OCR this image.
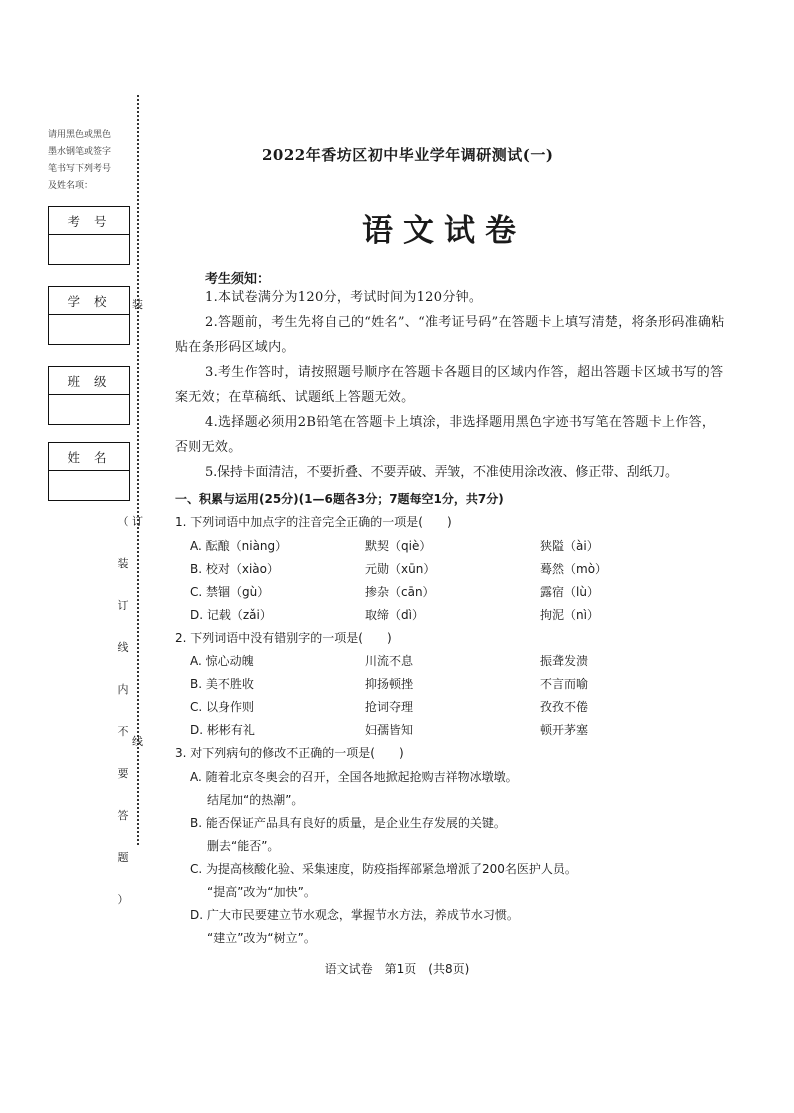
请用黑色或黑色
墨水钢笔或签字
笔书写下列考号
及姓名项：
考号
学校
班级
姓名
装
订
线
（
装
订
线
内
不
要
答
题
）
2022年香坊区初中毕业学年调研测试(一)
语文试卷
考生须知：
1.本试卷满分为120分，考试时间为120分钟。
2.答题前，考生先将自己的“姓名”、“准考证号码”在答题卡上填写清楚，将条形码准确粘贴在条形码区域内。
3.考生作答时，请按照题号顺序在答题卡各题目的区域内作答，超出答题卡区域书写的答案无效；在草稿纸、试题纸上答题无效。
4.选择题必须用2B铅笔在答题卡上填涂，非选择题用黑色字迹书写笔在答题卡上作答，否则无效。
5.保持卡面清洁，不要折叠、不要弄破、弄皱，不准使用涂改液、修正带、刮纸刀。
一、积累与运用(25分)(1—6题各3分；7题每空1分，共7分)
1. 下列词语中加点字的注音完全正确的一项是(　　)
A. 酝酿（niàng）	默契（qiè）	狭隘（ài）
B. 校对（xiào）	元勋（xūn）	蓦然（mò）
C. 禁锢（gù）	掺杂（cān）	露宿（lù）
D. 记载（zǎi）	取缔（dì）	拘泥（nì）
2. 下列词语中没有错别字的一项是(　　)
A. 惊心动魄	川流不息	振聋发溃
B. 美不胜收	抑扬顿挫	不言而喻
C. 以身作则	抢词夺理	孜孜不倦
D. 彬彬有礼	妇孺皆知	顿开茅塞
3. 对下列病句的修改不正确的一项是(　　)
A. 随着北京冬奥会的召开，全国各地掀起抢购吉祥物冰墩墩。
结尾加“的热潮”。
B. 能否保证产品具有良好的质量，是企业生存发展的关键。
删去“能否”。
C. 为提高核酸化验、采集速度，防疫指挥部紧急增派了200名医护人员。
“提高”改为“加快”。
D. 广大市民要建立节水观念，掌握节水方法，养成节水习惯。
“建立”改为“树立”。
语文试卷　第1页　(共8页)
